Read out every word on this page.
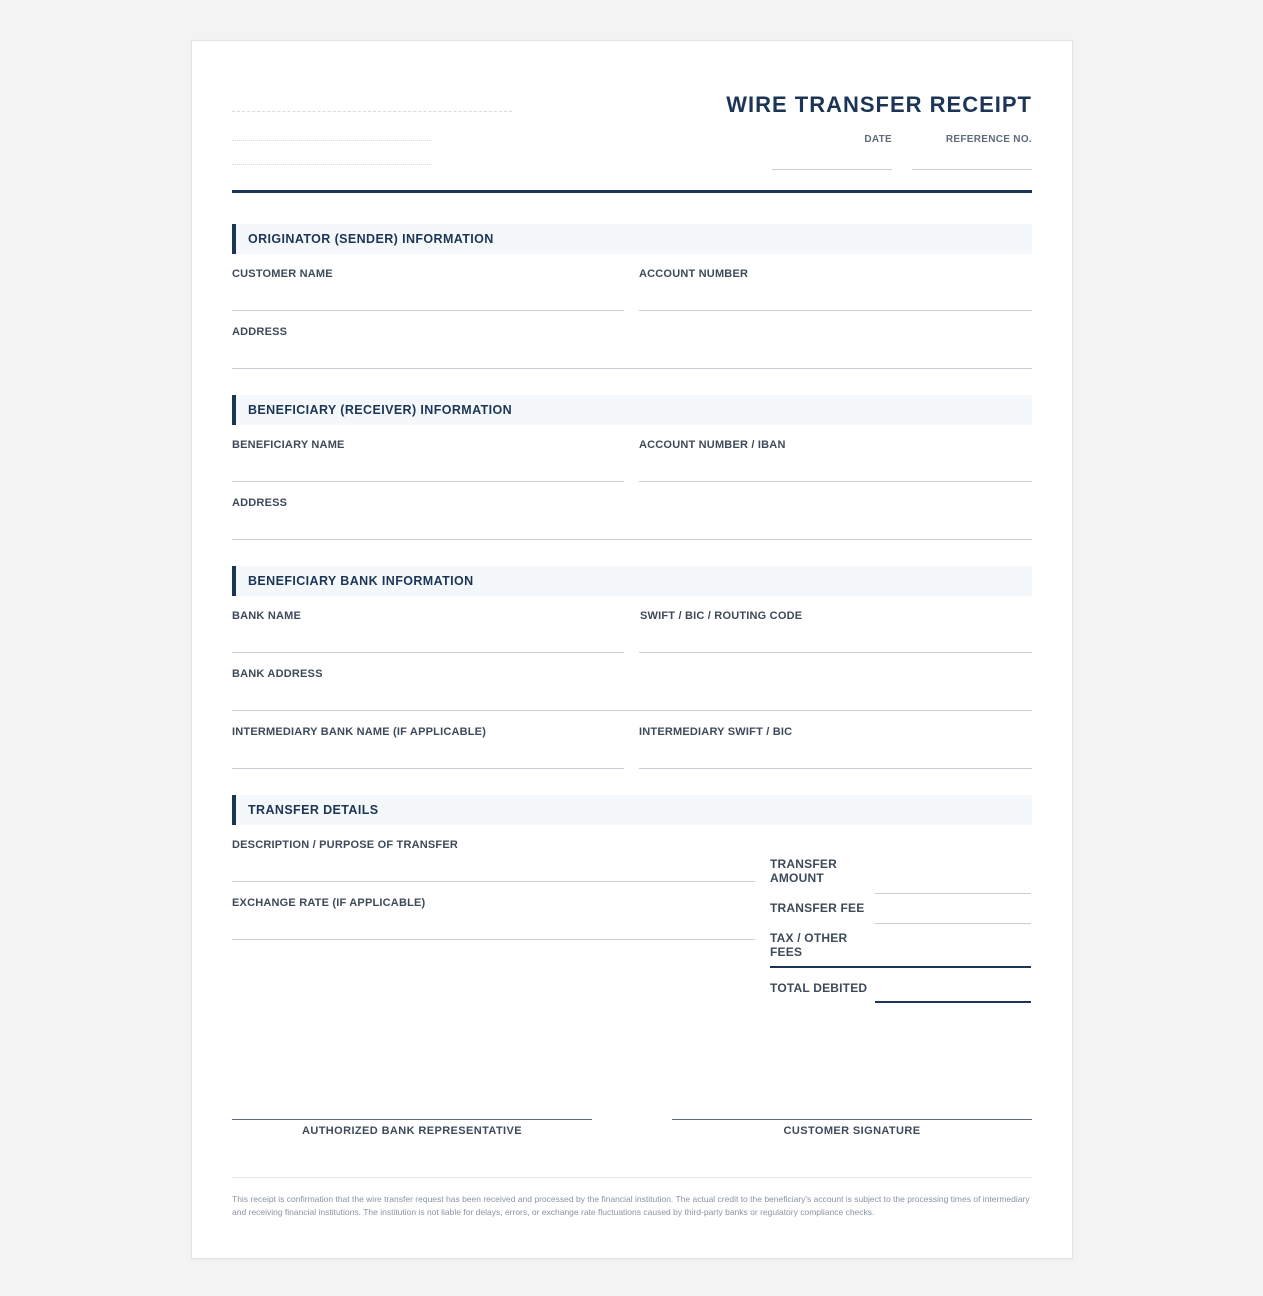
WIRE TRANSFER RECEIPT
DATE	REFERENCE NO.
ORIGINATOR (SENDER) INFORMATION
CUSTOMER NAME	ACCOUNT NUMBER
ADDRESS
BENEFICIARY (RECEIVER) INFORMATION
BENEFICIARY NAME	ACCOUNT NUMBER / IBAN
ADDRESS
BENEFICIARY BANK INFORMATION
BANK NAME	SWIFT / BIC / ROUTING CODE
BANK ADDRESS
INTERMEDIARY BANK NAME (IF APPLICABLE)	INTERMEDIARY SWIFT / BIC
TRANSFER DETAILS
DESCRIPTION / PURPOSE OF TRANSFER
EXCHANGE RATE (IF APPLICABLE)
TRANSFER
AMOUNT
TRANSFER FEE
TAX / OTHER
FEES
TOTAL DEBITED
AUTHORIZED BANK REPRESENTATIVE	CUSTOMER SIGNATURE
This receipt is confirmation that the wire transfer request has been received and processed by the financial institution. The actual credit to the beneficiary's account is subject to the processing times of intermediary and receiving financial institutions. The institution is not liable for delays, errors, or exchange rate fluctuations caused by third-party banks or regulatory compliance checks.
